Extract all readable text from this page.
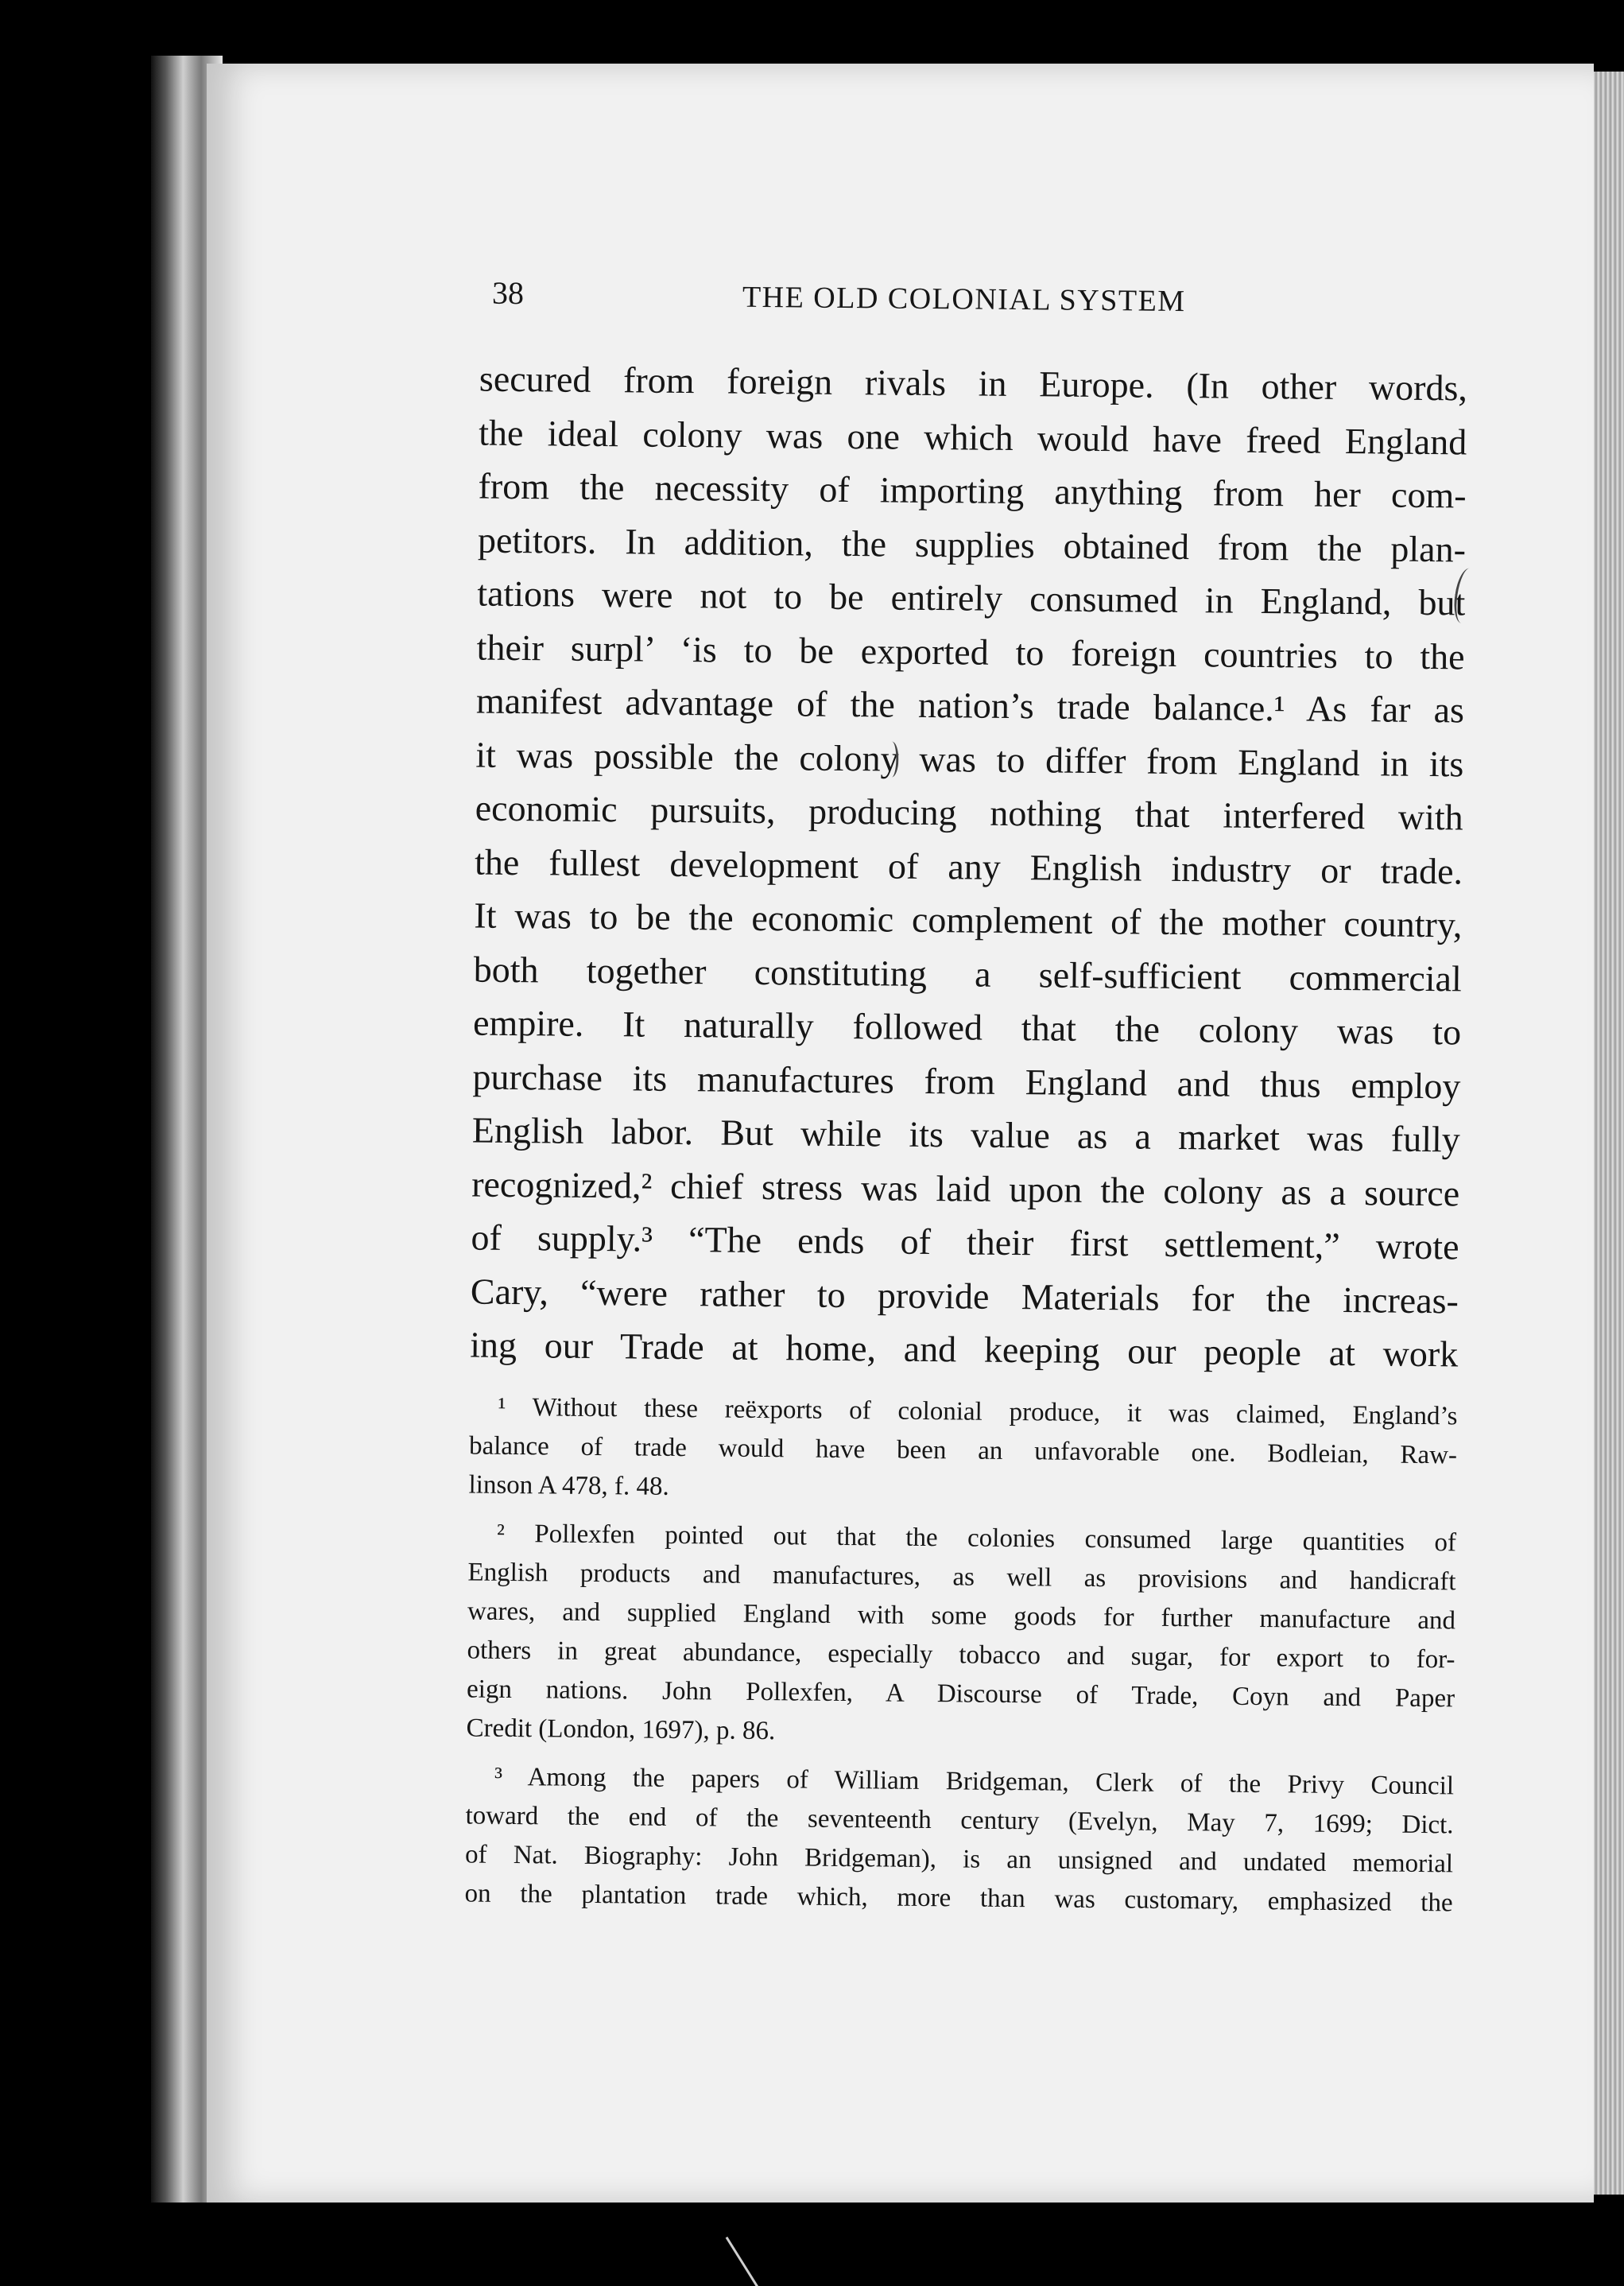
38	THE OLD COLONIAL SYSTEM
secured from foreign rivals in Europe. (In other words,
the ideal colony was one which would have freed England
from the necessity of importing anything from her com-
petitors. In addition, the supplies obtained from the plan-
tations were not to be entirely consumed in England, but
their surpl’ ʻis to be exported to foreign countries to the
manifest advantage of the nation’s trade balance.¹ As far as
it was possible the colony was to differ from England in its
economic pursuits, producing nothing that interfered with
the fullest development of any English industry or trade.
It was to be the economic complement of the mother country,
both together constituting a self-sufficient commercial
empire. It naturally followed that the colony was to
purchase its manufactures from England and thus employ
English labor. But while its value as a market was fully
recognized,² chief stress was laid upon the colony as a source
of supply.³ “The ends of their first settlement,” wrote
Cary, “were rather to provide Materials for the increas-
ing our Trade at home, and keeping our people at work
¹ Without these reëxports of colonial produce, it was claimed, England’s
balance of trade would have been an unfavorable one. Bodleian, Raw-
linson A 478, f. 48.
² Pollexfen pointed out that the colonies consumed large quantities of
English products and manufactures, as well as provisions and handicraft
wares, and supplied England with some goods for further manufacture and
others in great abundance, especially tobacco and sugar, for export to for-
eign nations. John Pollexfen, A Discourse of Trade, Coyn and Paper
Credit (London, 1697), p. 86.
³ Among the papers of William Bridgeman, Clerk of the Privy Council
toward the end of the seventeenth century (Evelyn, May 7, 1699; Dict.
of Nat. Biography: John Bridgeman), is an unsigned and undated memorial
on the plantation trade which, more than was customary, emphasized the
